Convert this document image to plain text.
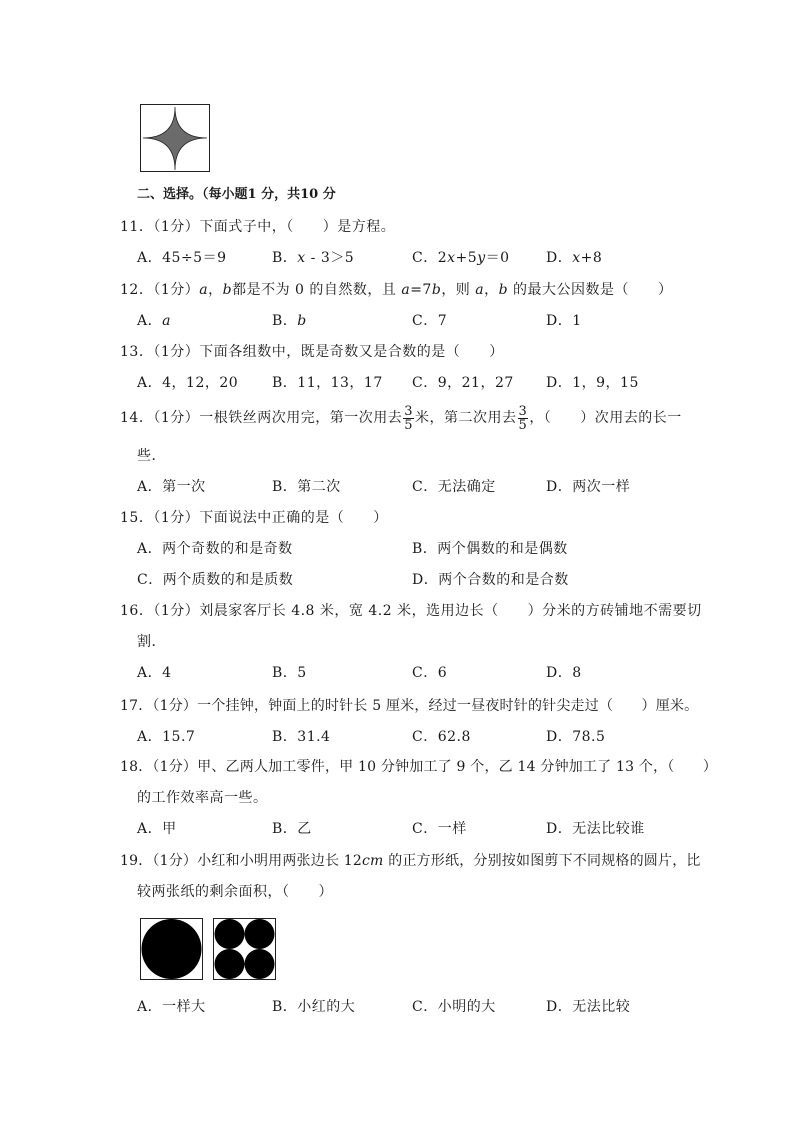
二、选择。（每小题1 分，共10 分
11．（1分）下面式子中，（　　）是方程。
A．45÷5＝9	B．x - 3＞5	C．2x+5y＝0	D．x+8
12．（1分）a，b都是不为 0 的自然数，且 a=7b，则 a，b 的最大公因数是（　　）
A．a	B．b	C．7	D．1
13．（1分）下面各组数中，既是奇数又是合数的是（　　）
A．4，12，20 B．11，13，17 C．9，21，27 D．1，9，15
14．（1分）一根铁丝两次用完，第一次用去 $\frac{3}{5}$ 米，第二次用去 $\frac{3}{5}$ ，（　　）次用去的长一
些．
A．第一次	B．第二次	C．无法确定	D．两次一样
15．（1分）下面说法中正确的是（　　）
A．两个奇数的和是奇数	B．两个偶数的和是偶数
C．两个质数的和是质数	D．两个合数的和是合数
16．（1分）刘晨家客厅长 4.8 米，宽 4.2 米，选用边长（　　）分米的方砖铺地不需要切
割．
A．4	B．5	C．6	D．8
17．（1分）一个挂钟，钟面上的时针长 5 厘米，经过一昼夜时针的针尖走过（　　）厘米。
A．15.7	B．31.4	C．62.8	D．78.5
18．（1分）甲、乙两人加工零件，甲 10 分钟加工了 9 个，乙 14 分钟加工了 13 个，（　　）
的工作效率高一些。
A．甲	B．乙	C．一样	D．无法比较谁
19．（1分）小红和小明用两张边长 12cm 的正方形纸，分别按如图剪下不同规格的圆片，比
较两张纸的剩余面积，（　　）
A．一样大	B．小红的大	C．小明的大	D．无法比较
